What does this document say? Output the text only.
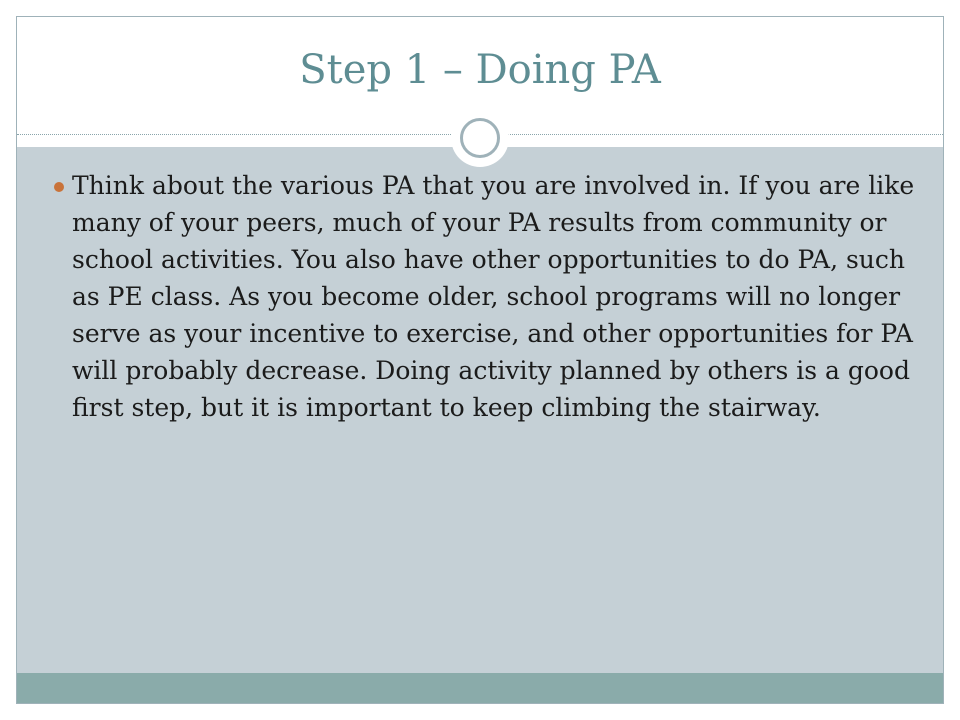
Step 1 – Doing PA
Think about the various PA that you are involved in. If you are like many of your peers, much of your PA results from community or school activities. You also have other opportunities to do PA, such as PE class. As you become older, school programs will no longer serve as your incentive to exercise, and other opportunities for PA will probably decrease. Doing activity planned by others is a good first step, but it is important to keep climbing the stairway.
